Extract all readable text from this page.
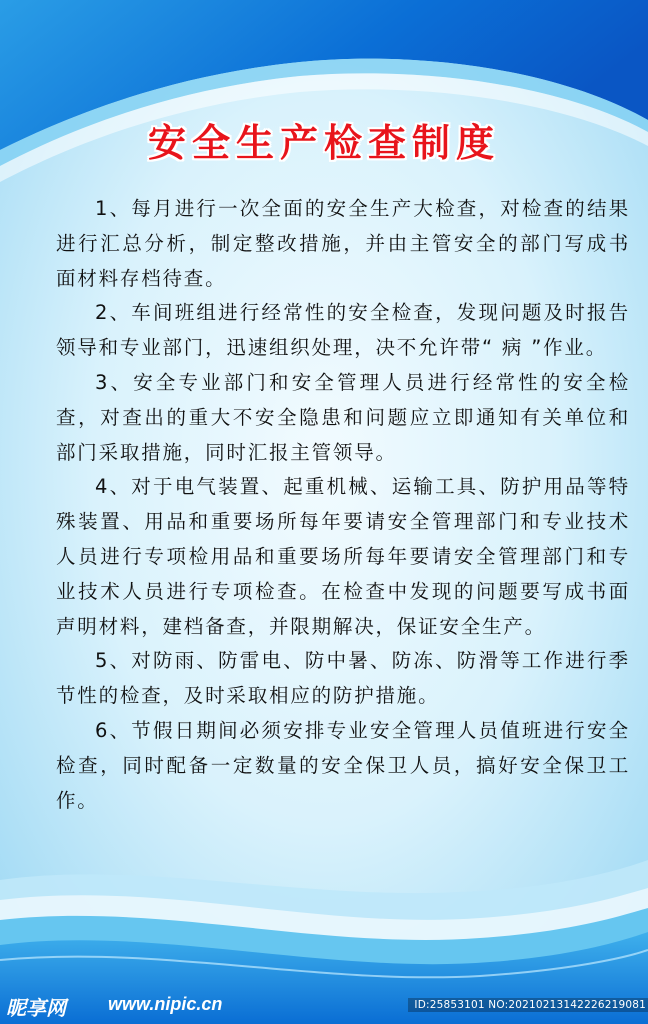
安全生产检查制度

1、每月进行一次全面的安全生产大检查，对检查的结果进行汇总分析，制定整改措施，并由主管安全的部门写成书面材料存档待查。

2、车间班组进行经常性的安全检查，发现问题及时报告领导和专业部门，迅速组织处理，决不允许带“ 病 ”作业。

3、安全专业部门和安全管理人员进行经常性的安全检查，对查出的重大不安全隐患和问题应立即通知有关单位和部门采取措施，同时汇报主管领导。

4、对于电气装置、起重机械、运输工具、防护用品等特殊装置、用品和重要场所每年要请安全管理部门和专业技术人员进行专项检用品和重要场所每年要请安全管理部门和专业技术人员进行专项检查。在检查中发现的问题要写成书面声明材料，建档备查，并限期解决，保证安全生产。

5、对防雨、防雷电、防中暑、防冻、防滑等工作进行季节性的检查，及时采取相应的防护措施。

6、节假日期间必须安排专业安全管理人员值班进行安全检查，同时配备一定数量的安全保卫人员，搞好安全保卫工作。

昵享网 www.nipic.cn	ID:25853101 NO:20210213142226219081
